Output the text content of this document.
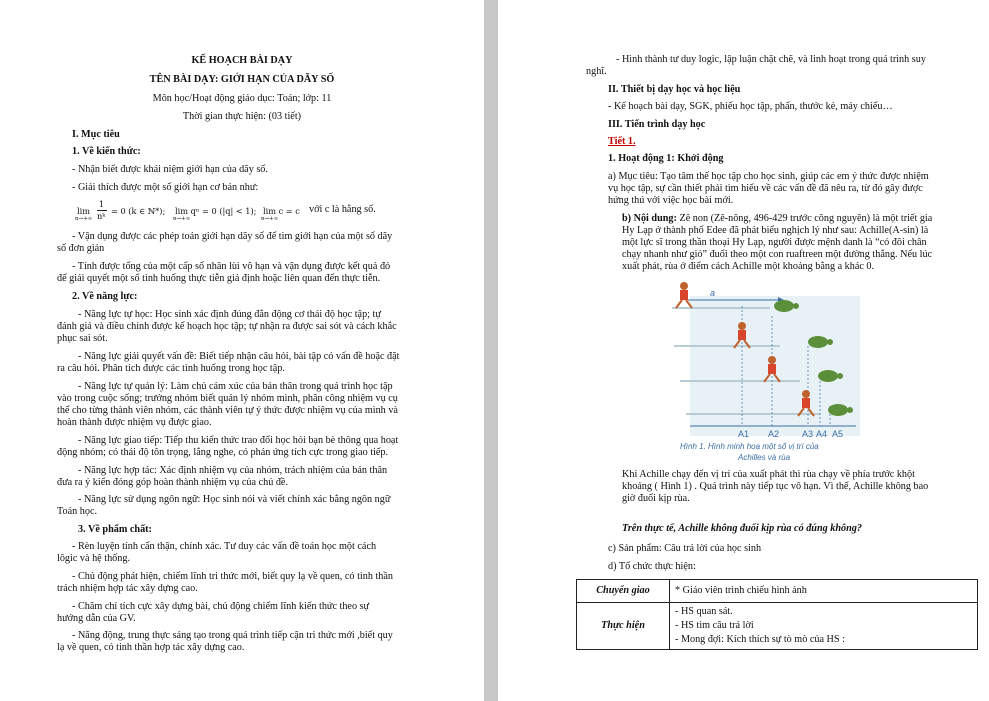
KẾ HOẠCH BÀI DẠY
TÊN BÀI DẠY: GIỚI HẠN CỦA DÃY SỐ
Môn học/Hoạt động giáo dục: Toán; lớp: 11
Thời gian thực hiện: (03 tiết)
I. Mục tiêu
1. Về kiến thức:
- Nhận biết được khái niệm giới hạn của dãy số.
- Giải thích được một số giới hạn cơ bản như:
lim
n→+∞
1
nᵏ = 0 (k ∈ ℕ*); lim qⁿ = 0 (|q| < 1);
n→+∞
lim c = c
n→+∞
với c là hằng số.
- Vận dụng được các phép toán giới hạn dãy số để tìm giới hạn của một số dãy
số đơn giản
- Tính được tổng của một cấp số nhân lùi vô hạn và vận dụng được kết quả đó
để giải quyết một số tình huống thực tiễn giả định hoặc liên quan đến thực tiễn.
2. Về năng lực:
- Năng lực tự học: Học sinh xác định đúng đắn động cơ thái độ học tập; tự
đánh giá và điều chỉnh được kế hoạch học tập; tự nhận ra được sai sót và cách khắc
phục sai sót.
- Năng lực giải quyết vấn đề: Biết tiếp nhận câu hỏi, bài tập có vấn đề hoặc đặt
ra câu hỏi. Phân tích được các tình huống trong học tập.
- Năng lực tự quản lý: Làm chủ cảm xúc của bản thân trong quá trình học tập
vào trong cuộc sống; trưởng nhóm biết quản lý nhóm mình, phân công nhiệm vụ cụ
thể cho từng thành viên nhóm, các thành viên tự ý thức được nhiệm vụ của mình và
hoàn thành được nhiệm vụ được giao.
- Năng lực giao tiếp: Tiếp thu kiến thức trao đổi học hỏi bạn bè thông qua hoạt
động nhóm; có thái độ tôn trọng, lắng nghe, có phản ứng tích cực trong giao tiếp.
- Năng lực hợp tác: Xác định nhiệm vụ của nhóm, trách nhiệm của bản thân
đưa ra ý kiến đóng góp hoàn thành nhiệm vụ của chủ đề.
- Năng lực sử dụng ngôn ngữ: Học sinh nói và viết chính xác bằng ngôn ngữ
Toán học.
3. Về phẩm chất:
- Rèn luyện tính cẩn thận, chính xác. Tư duy các vấn đề toán học một cách
lôgic và hệ thống.
- Chủ động phát hiện, chiếm lĩnh tri thức mới, biết quy lạ về quen, có tinh thần
trách nhiệm hợp tác xây dựng cao.
- Chăm chỉ tích cực xây dựng bài, chủ động chiếm lĩnh kiến thức theo sự
hướng dẫn của GV.
- Năng động, trung thực sáng tạo trong quá trình tiếp cận tri thức mới ,biết quy
lạ về quen, có tinh thần hợp tác xây dựng cao.
- Hình thành tư duy logic, lập luận chặt chẽ, và linh hoạt trong quá trình suy
nghĩ.
II. Thiết bị dạy học và học liệu
- Kế hoạch bài dạy, SGK, phiếu học tập, phấn, thước kẻ, máy chiếu…
III. Tiến trình dạy học
Tiết 1.
1. Hoạt động 1: Khởi động
a) Mục tiêu: Tạo tâm thế học tập cho học sinh, giúp các em ý thức được nhiệm
vụ học tập, sự cần thiết phải tìm hiểu về các vấn đề đã nêu ra, từ đó gây được
hứng thú với việc học bài mới.
b) Nội dung: Zê non (Zê-nông, 496-429 trước công nguyên) là một triết gia
Hy Lạp ở thành phố Edee đã phát biểu nghịch lý như sau: Achille(A-sin) là
một lực sĩ trong thần thoại Hy Lạp, người được mệnh danh là “có đôi chân
chạy nhanh như gió” đuổi theo một con ruaftreen một đường thẳng. Nếu lúc
xuất phát, rùa ở điểm cách Achille một khoảng bằng a khác 0.
a
A1 A2	A3 A4 A5
Hình 1. Hình minh hoạ một số vị trí của
Achilles và rùa
Khi Achille chạy đến vị trí của xuất phát thì rùa chạy về phía trước khột
khoảng ( Hình 1) . Quá trình này tiếp tục vô hạn. Vì thế, Achille không bao
giờ đuổi kịp rùa.
Trên thực tế, Achille không đuổi kịp rùa có đúng không?
c) Sản phẩm: Câu trả lời của học sinh
d) Tổ chức thực hiện:
Chuyển giao	* Giáo viên trình chiếu hình ảnh
Thực hiện	- HS quan sát.
- HS tìm câu trả lời
- Mong đợi: Kích thích sự tò mò của HS :
